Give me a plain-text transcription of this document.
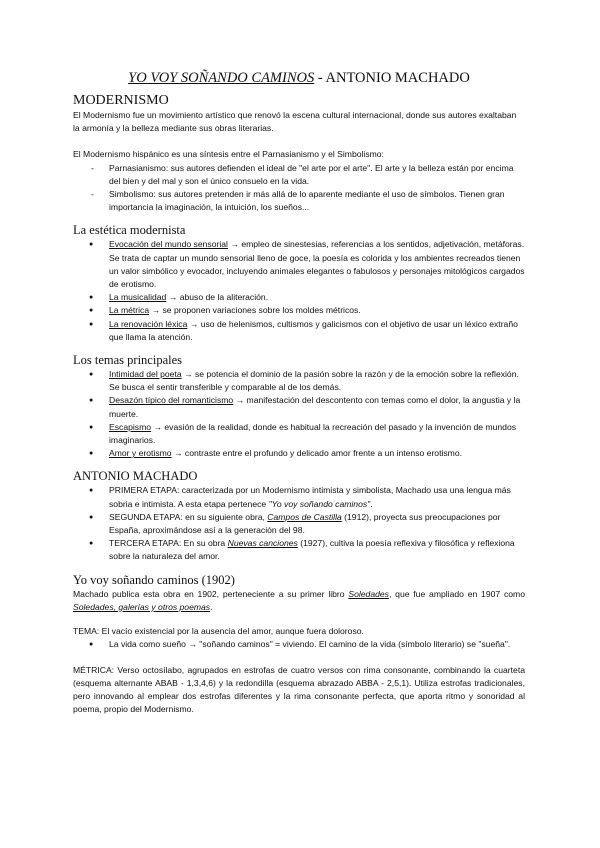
YO VOY SOÑANDO CAMINOS - ANTONIO MACHADO
MODERNISMO

El Modernismo fue un movimiento artístico que renovó la escena cultural internacional, donde sus autores exaltaban la armonía y la belleza mediante sus obras literarias.

El Modernismo hispánico es una síntesis entre el Parnasianismo y el Simbolismo:

- Parnasianismo: sus autores defienden el ideal de "el arte por el arte". El arte y la belleza están por encima del bien y del mal y son el único consuelo en la vida.
- Simbolismo: sus autores pretenden ir más allá de lo aparente mediante el uso de símbolos. Tienen gran importancia la imaginación, la intuición, los sueños...
La estética modernista
● Evocación del mundo sensorial → empleo de sinestesias, referencias a los sentidos, adjetivación, metáforas. Se trata de captar un mundo sensorial lleno de goce, la poesía es colorida y los ambientes recreados tienen un valor simbólico y evocador, incluyendo animales elegantes o fabulosos y personajes mitológicos cargados de erotismo.
● La musicalidad → abuso de la aliteración.
● La métrica → se proponen variaciones sobre los moldes métricos.
● La renovación léxica → uso de helenismos, cultismos y galicismos con el objetivo de usar un léxico extraño que llama la atención.
Los temas principales
● Intimidad del poeta → se potencia el dominio de la pasión sobre la razón y de la emoción sobre la reflexión. Se busca el sentir transferible y comparable al de los demás.
● Desazón típico del romanticismo → manifestación del descontento con temas como el dolor, la angustia y la muerte.
● Escapismo → evasión de la realidad, donde es habitual la recreación del pasado y la invención de mundos imaginarios.
● Amor y erotismo → contraste entre el profundo y delicado amor frente a un intenso erotismo.
ANTONIO MACHADO
● PRIMERA ETAPA: caracterizada por un Modernismo intimista y simbolista, Machado usa una lengua más sobria e intimista. A esta etapa pertenece "Yo voy soñando caminos".
● SEGUNDA ETAPA: en su siguiente obra, Campos de Castilla (1912), proyecta sus preocupaciones por España, aproximándose así a la generación del 98.
● TERCERA ETAPA: En su obra Nuevas canciones (1927), cultiva la poesía reflexiva y filosófica y reflexiona sobre la naturaleza del amor.
Yo voy soñando caminos (1902)

Machado publica esta obra en 1902, perteneciente a su primer libro Soledades, que fue ampliado en 1907 como Soledades, galerías y otros poemas.

TEMA: El vacío existencial por la ausencia del amor, aunque fuera doloroso.

● La vida como sueño → "soñando caminos" = viviendo. El camino de la vida (símbolo literario) se "sueña".

MÉTRICA: Verso octosílabo, agrupados en estrofas de cuatro versos con rima consonante, combinando la cuarteta (esquema alternante ABAB - 1,3,4,6) y la redondilla (esquema abrazado ABBA - 2,5,1). Utiliza estrofas tradicionales, pero innovando al emplear dos estrofas diferentes y la rima consonante perfecta, que aporta ritmo y sonoridad al poema, propio del Modernismo.
